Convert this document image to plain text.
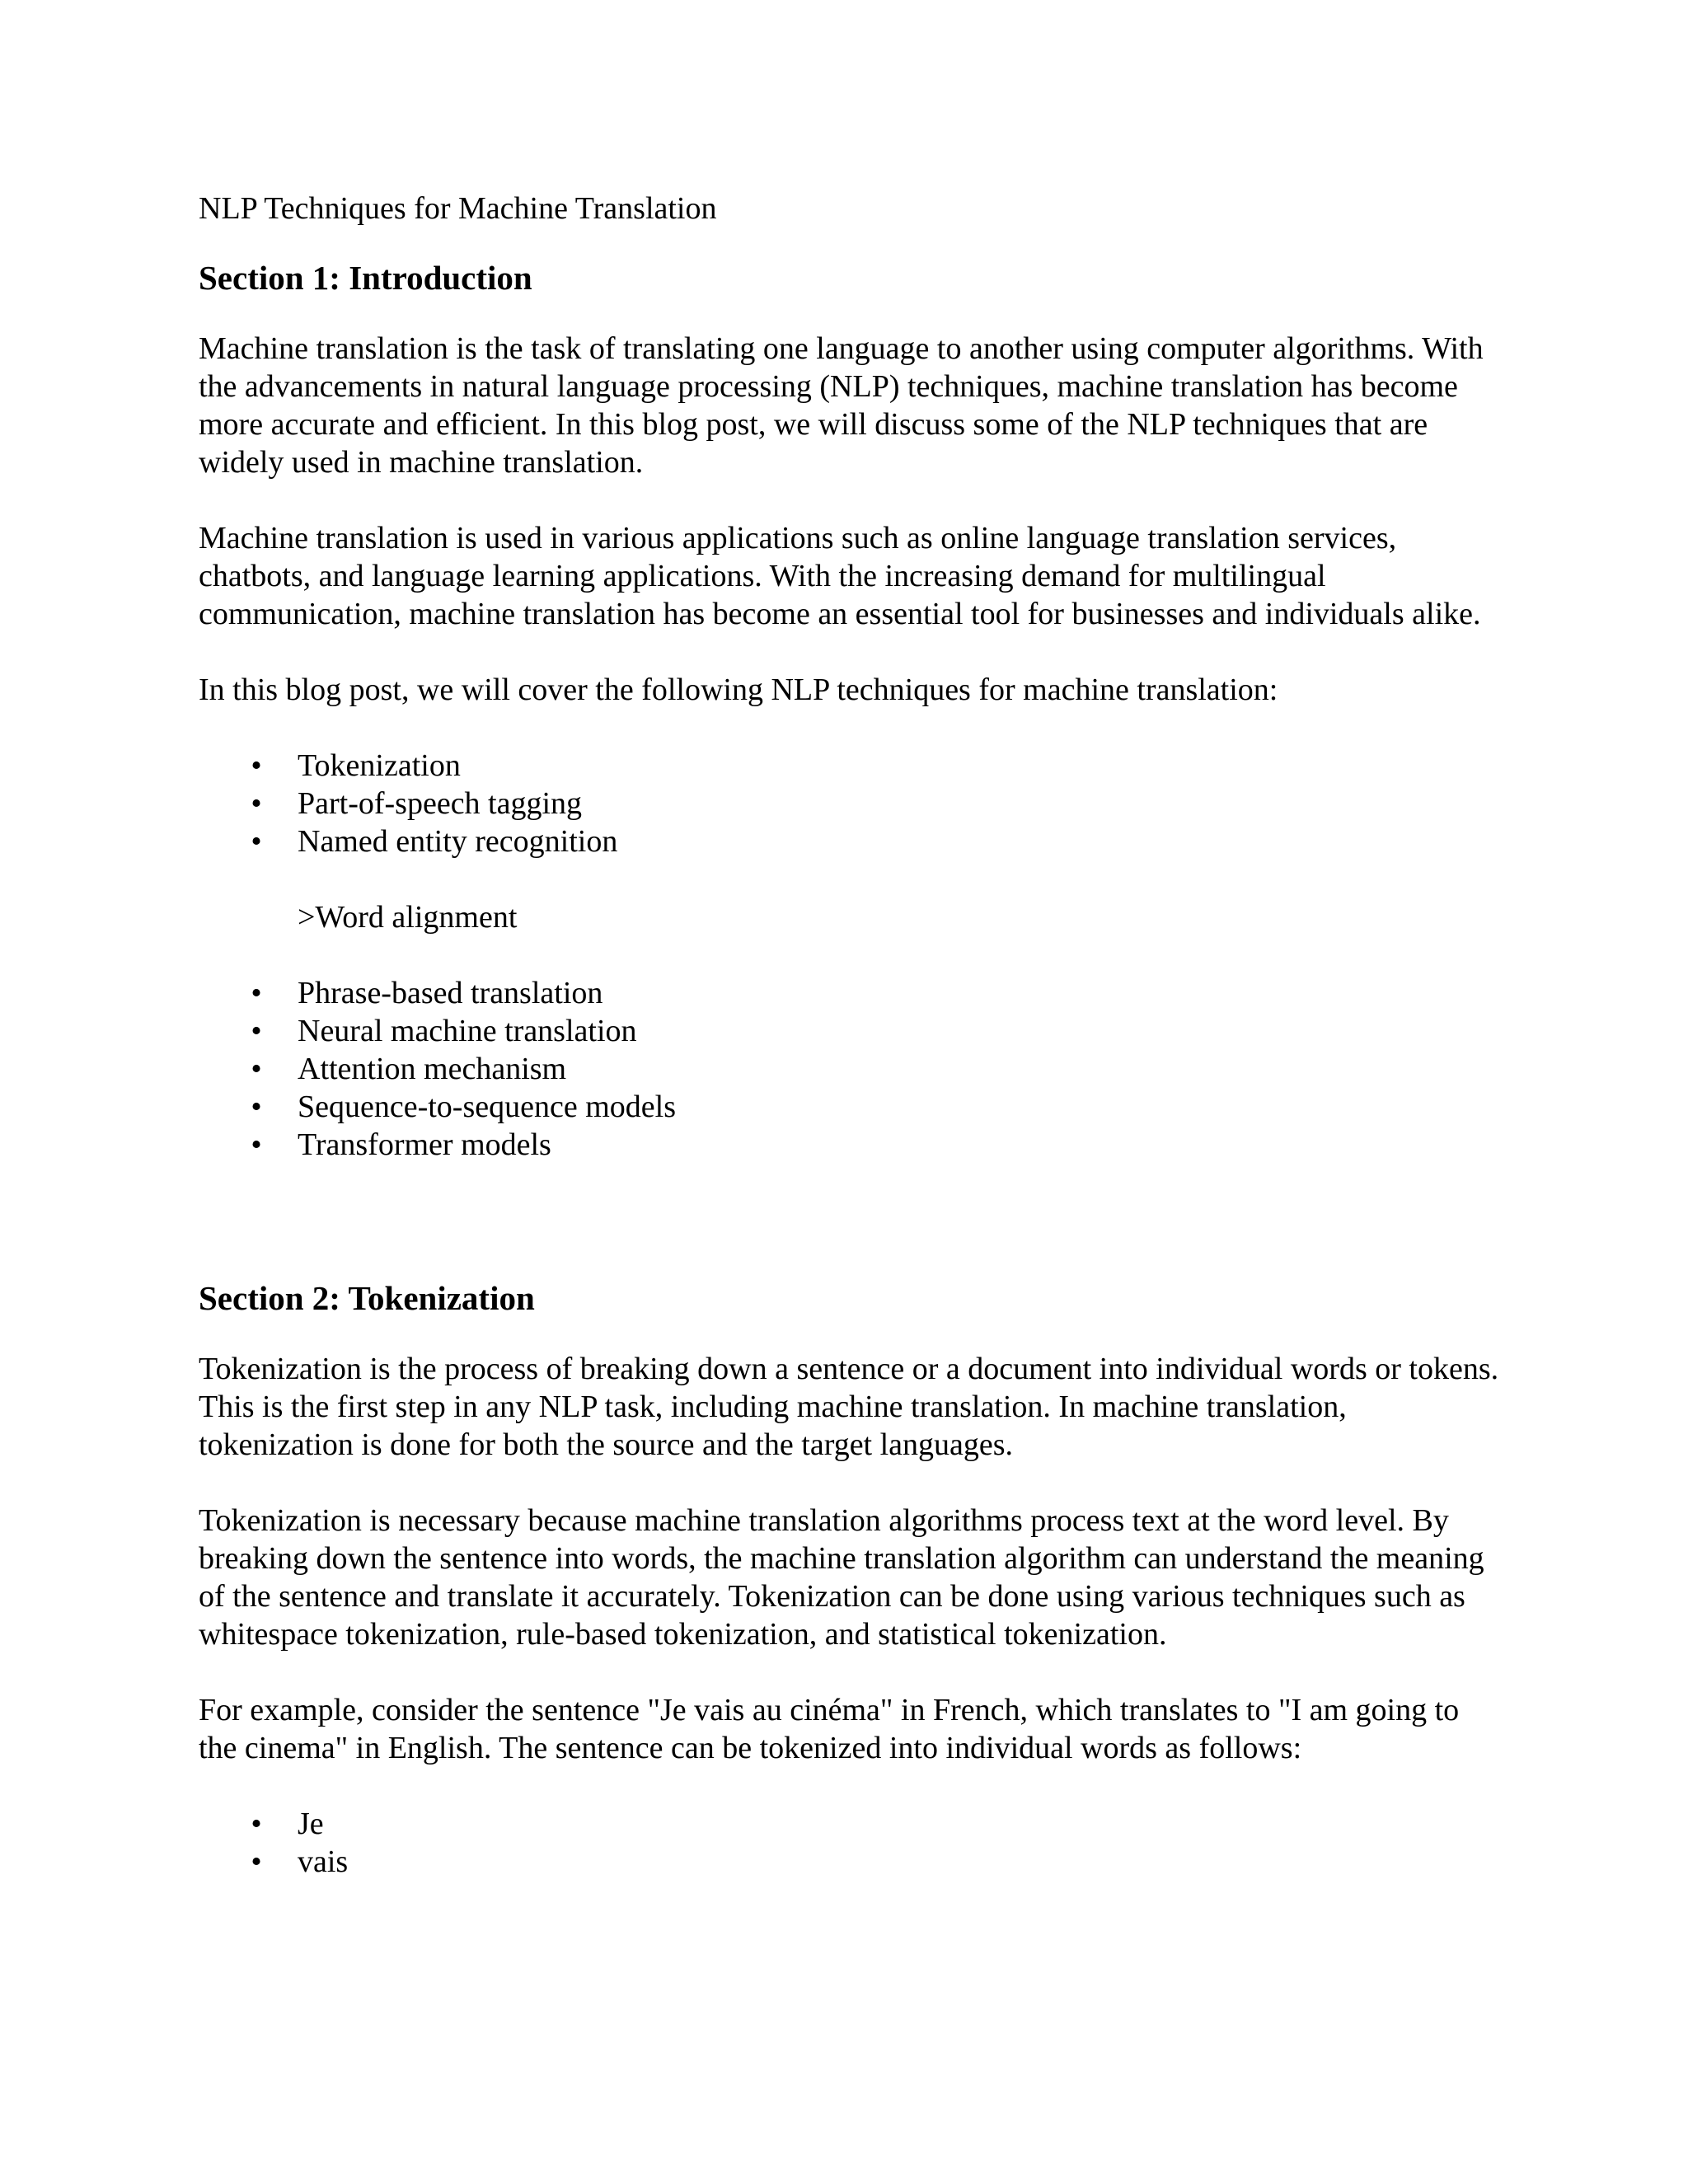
NLP Techniques for Machine Translation
Section 1: Introduction

Machine translation is the task of translating one language to another using computer algorithms. With the advancements in natural language processing (NLP) techniques, machine translation has become more accurate and efficient. In this blog post, we will discuss some of the NLP techniques that are widely used in machine translation.

Machine translation is used in various applications such as online language translation services, chatbots, and language learning applications. With the increasing demand for multilingual communication, machine translation has become an essential tool for businesses and individuals alike.

In this blog post, we will cover the following NLP techniques for machine translation:

• Tokenization
• Part-of-speech tagging
• Named entity recognition

>Word alignment

• Phrase-based translation
• Neural machine translation
• Attention mechanism
• Sequence-to-sequence models
• Transformer models
Section 2: Tokenization

Tokenization is the process of breaking down a sentence or a document into individual words or tokens. This is the first step in any NLP task, including machine translation. In machine translation, tokenization is done for both the source and the target languages.

Tokenization is necessary because machine translation algorithms process text at the word level. By breaking down the sentence into words, the machine translation algorithm can understand the meaning of the sentence and translate it accurately. Tokenization can be done using various techniques such as whitespace tokenization, rule-based tokenization, and statistical tokenization.

For example, consider the sentence "Je vais au cinéma" in French, which translates to "I am going to the cinema" in English. The sentence can be tokenized into individual words as follows:

• Je
• vais
